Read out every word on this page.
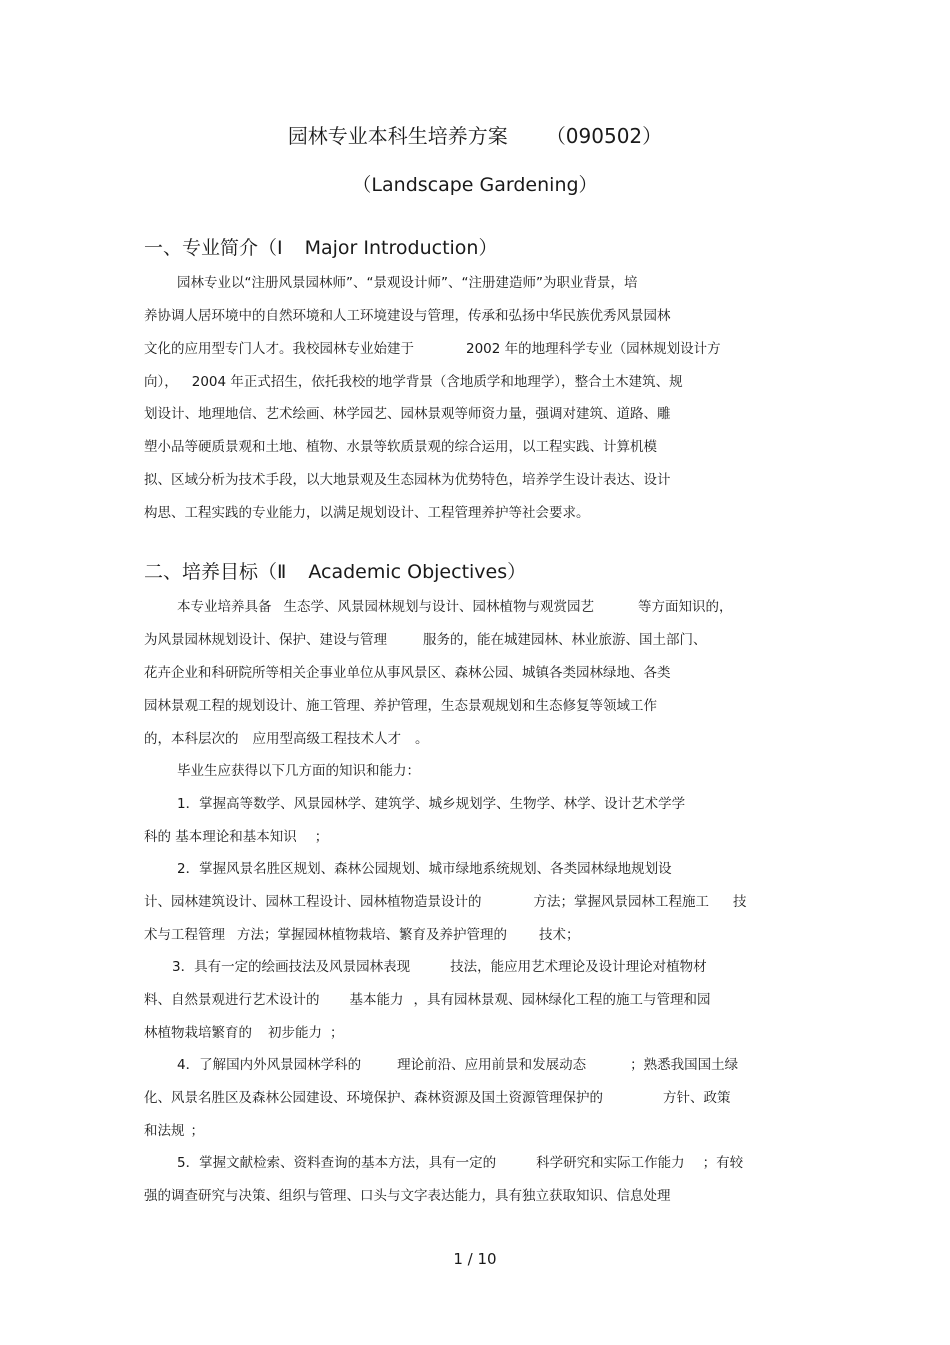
园林专业本科生培养方案 （090502）
（Landscape Gardening）
一、专业简介（Ⅰ Major Introduction）
园林专业以“注册风景园林师”、“景观设计师”、“注册建造师”为职业背景，培
养协调人居环境中的自然环境和人工环境建设与管理，传承和弘扬中华民族优秀风景园林
文化的应用型专门人才。我校园林专业始建于	2002 年的地理科学专业（园林规划设计方
向）， 2004 年正式招生，依托我校的地学背景（含地质学和地理学），整合土木建筑、规
划设计、地理地信、艺术绘画、林学园艺、园林景观等师资力量，强调对建筑、道路、雕
塑小品等硬质景观和土地、植物、水景等软质景观的综合运用，以工程实践、计算机模
拟、区域分析为技术手段，以大地景观及生态园林为优势特色，培养学生设计表达、设计
构思、工程实践的专业能力，以满足规划设计、工程管理养护等社会要求。
二、培养目标（Ⅱ Academic Objectives）
本专业培养具备 生态学、风景园林规划与设计、园林植物与观赏园艺	等方面知识的，
为风景园林规划设计、保护、建设与管理	服务的，能在城建园林、林业旅游、国土部门、
花卉企业和科研院所等相关企事业单位从事风景区、森林公园、城镇各类园林绿地、各类
园林景观工程的规划设计、施工管理、养护管理，生态景观规划和生态修复等领域工作
的，本科层次的 应用型高级工程技术人才 。
毕业生应获得以下几方面的知识和能力：
1．掌握高等数学、风景园林学、建筑学、城乡规划学、生物学、林学、设计艺术学学
科的 基本理论和基本知识 ；
2．掌握风景名胜区规划、森林公园规划、城市绿地系统规划、各类园林绿地规划设
计、园林建筑设计、园林工程设计、园林植物造景设计的	方法；掌握风景园林工程施工 技
术与工程管理 方法；掌握园林植物栽培、繁育及养护管理的 技术；
3．具有一定的绘画技法及风景园林表现	技法，能应用艺术理论及设计理论对植物材
料、自然景观进行艺术设计的 基本能力 ，具有园林景观、园林绿化工程的施工与管理和园
林植物栽培繁育的 初步能力 ；
4．了解国内外风景园林学科的	理论前沿、应用前景和发展动态	；熟悉我国国土绿
化、风景名胜区及森林公园建设、环境保护、森林资源及国土资源管理保护的	方针、政策
和法规 ；
5．掌握文献检索、资料查询的基本方法，具有一定的	科学研究和实际工作能力 ；有较
强的调查研究与决策、组织与管理、口头与文字表达能力，具有独立获取知识、信息处理
1 / 10
